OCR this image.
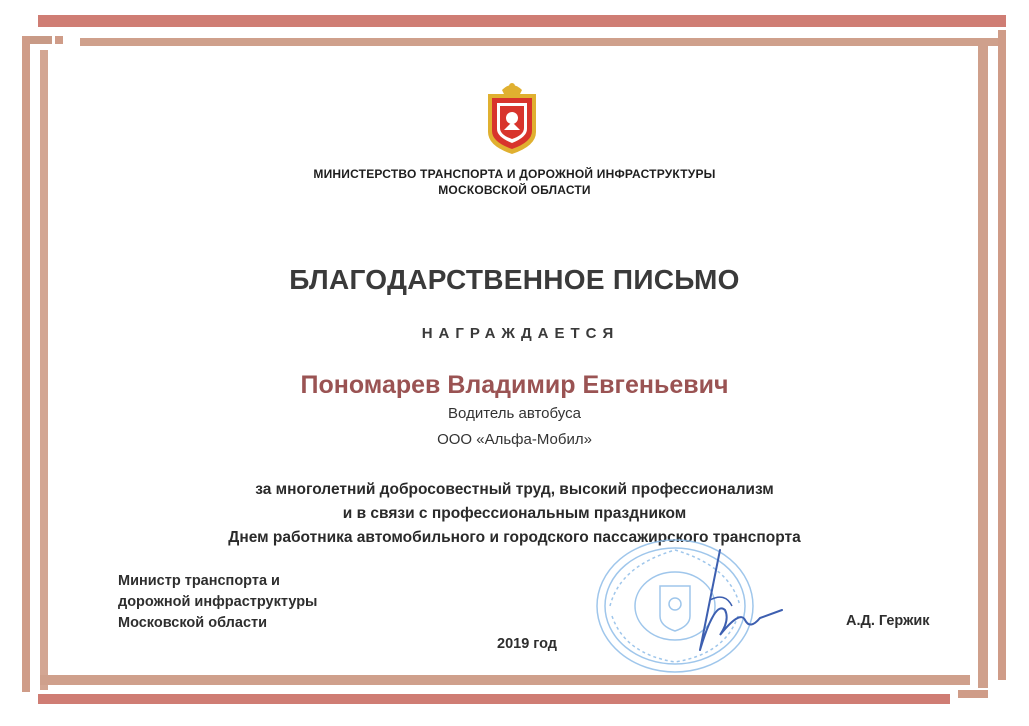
МИНИСТЕРСТВО ТРАНСПОРТА И ДОРОЖНОЙ ИНФРАСТРУКТУРЫ
МОСКОВСКОЙ ОБЛАСТИ
БЛАГОДАРСТВЕННОЕ ПИСЬМО
НАГРАЖДАЕТСЯ
Пономарев Владимир Евгеньевич
Водитель автобуса
ООО «Альфа-Мобил»
за многолетний добросовестный труд, высокий профессионализм
и в связи с профессиональным праздником
Днем работника автомобильного и городского пассажирского транспорта
Министр транспорта и
дорожной инфраструктуры
Московской области
2019 год
А.Д. Гержик
